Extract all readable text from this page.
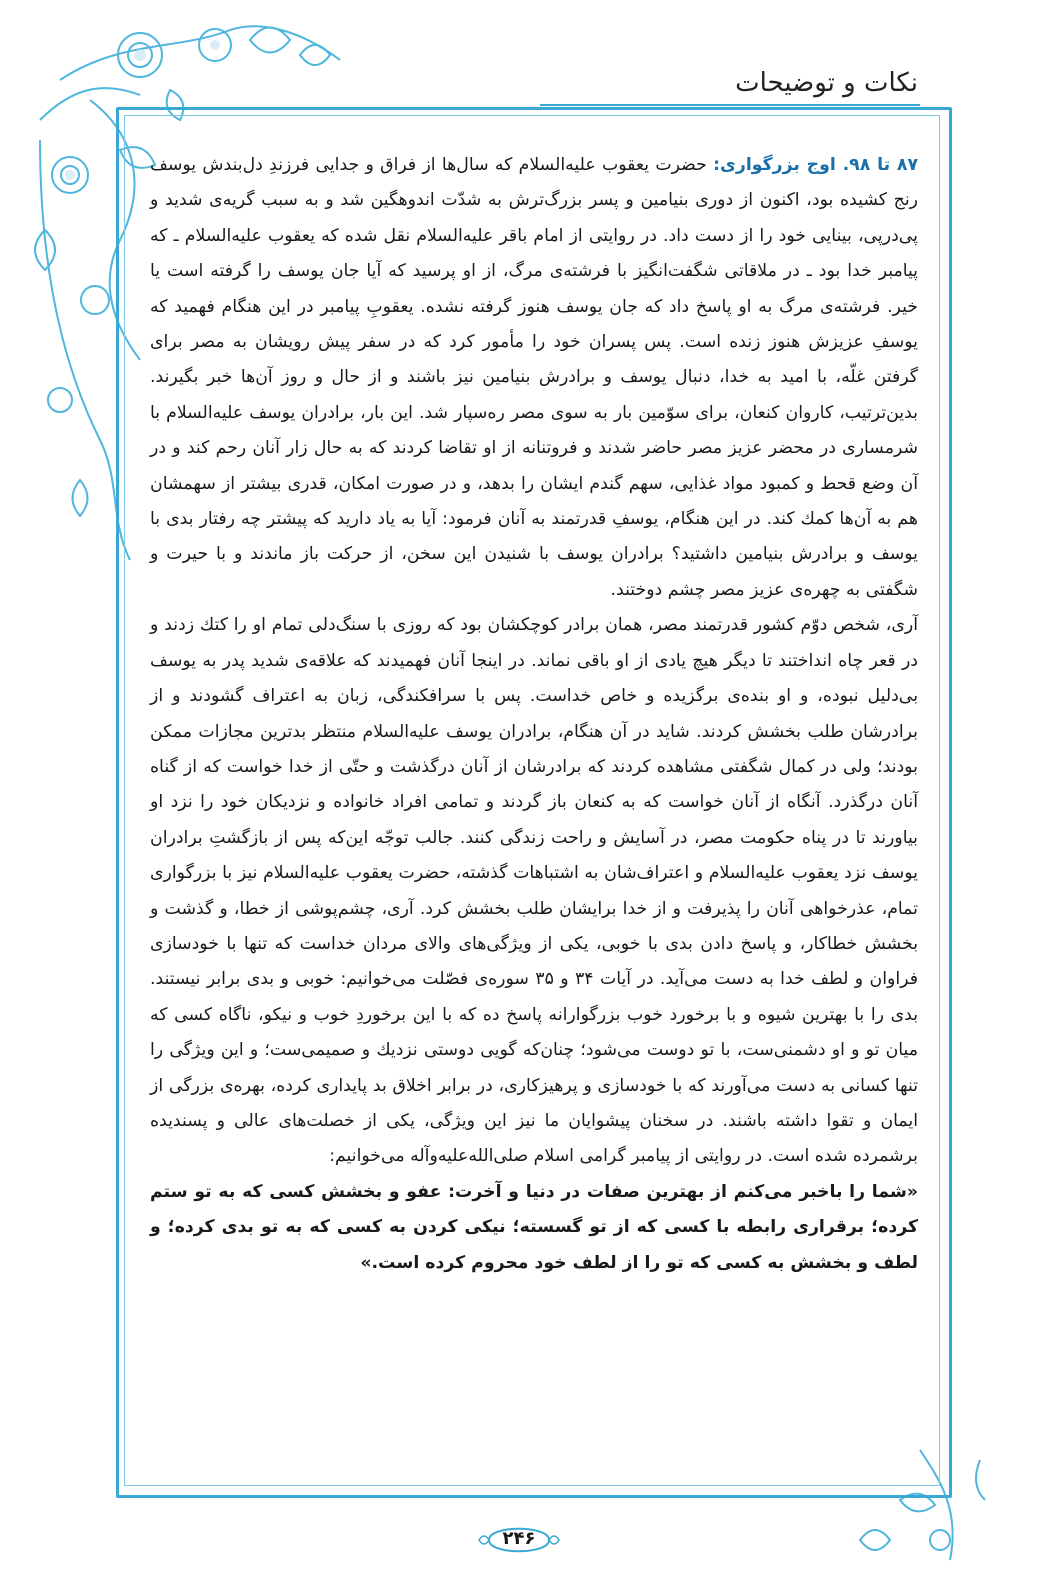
نکات و توضیحات

۸۷ تا ۹۸. اوج بزرگواری: حضرت یعقوب علیه‌السلام که سال‌ها از فراق و جدایی فرزندِ دل‌بندش یوسف رنج کشیده بود، اکنون از دوری بنیامین و پسر بزرگ‌ترش به شدّت اندوهگین شد و به سبب گریه‌ی شدید و پی‌درپی، بینایی خود را از دست داد. در روایتی از امام باقر علیه‌السلام نقل شده که یعقوب علیه‌السلام ـ که پیامبر خدا بود ـ در ملاقاتی شگفت‌انگیز با فرشته‌ی مرگ، از او پرسید که آیا جان یوسف را گرفته است یا خیر. فرشته‌ی مرگ به او پاسخ داد که جان یوسف هنوز گرفته نشده. یعقوبِ پیامبر در این هنگام فهمید که یوسفِ عزیزش هنوز زنده است. پس پسران خود را مأمور کرد که در سفر پیش رویشان به مصر برای گرفتن غلّه، با امید به خدا، دنبال یوسف و برادرش بنیامین نیز باشند و از حال و روز آن‌ها خبر بگیرند. بدین‌ترتیب، کاروان کنعان، برای سوّمین بار به سوی مصر ره‌سپار شد. این بار، برادران یوسف علیه‌السلام با شرمساری در محضر عزیز مصر حاضر شدند و فروتنانه از او تقاضا کردند که به حال زار آنان رحم کند و در آن وضع قحط و کمبود مواد غذایی، سهم گندم ایشان را بدهد، و در صورت امکان، قدری بیشتر از سهمشان هم به آن‌ها کمك کند. در این هنگام، یوسفِ قدرتمند به آنان فرمود: آیا به یاد دارید که پیشتر چه رفتار بدی با یوسف و برادرش بنیامین داشتید؟ برادران یوسف با شنیدن این سخن، از حرکت باز ماندند و با حیرت و شگفتی به چهره‌ی عزیز مصر چشم دوختند.

آری، شخص دوّم کشور قدرتمند مصر، همان برادر کوچکشان بود که روزی با سنگ‌دلی تمام او را کتك زدند و در قعر چاه انداختند تا دیگر هیچ یادی از او باقی نماند. در اینجا آنان فهمیدند که علاقه‌ی شدید پدر به یوسف بی‌دلیل نبوده، و او بنده‌ی برگزیده و خاص خداست. پس با سرافکندگی، زبان به اعتراف گشودند و از برادرشان طلب بخشش کردند. شاید در آن هنگام، برادران یوسف علیه‌السلام منتظر بدترین مجازات ممکن بودند؛ ولی در کمال شگفتی مشاهده کردند که برادرشان از آنان درگذشت و حتّی از خدا خواست که از گناه آنان درگذرد. آنگاه از آنان خواست که به کنعان باز گردند و تمامی افراد خانواده و نزدیکان خود را نزد او بیاورند تا در پناه حکومت مصر، در آسایش و راحت زندگی کنند. جالب توجّه این‌که پس از بازگشتِ برادران یوسف نزد یعقوب علیه‌السلام و اعتراف‌شان به اشتباهات گذشته، حضرت یعقوب علیه‌السلام نیز با بزرگواری تمام، عذرخواهی آنان را پذیرفت و از خدا برایشان طلب بخشش کرد. آری، چشم‌پوشی از خطا، و گذشت و بخشش خطاکار، و پاسخ دادن بدی با خوبی، یکی از ویژگی‌های والای مردان خداست که تنها با خودسازی فراوان و لطف خدا به دست می‌آید. در آیات ۳۴ و ۳۵ سوره‌ی فصّلت می‌خوانیم: خوبی و بدی برابر نیستند. بدی را با بهترین شیوه و با برخورد خوب بزرگوارانه پاسخ ده که با این برخوردِ خوب و نیکو، ناگاه کسی که میان تو و او دشمنی‌ست، با تو دوست می‌شود؛ چنان‌که گویی دوستی نزدیك و صمیمی‌ست؛ و این ویژگی را تنها کسانی به دست می‌آورند که با خودسازی و پرهیزکاری، در برابر اخلاق بد پایداری کرده، بهره‌ی بزرگی از ایمان و تقوا داشته باشند. در سخنان پیشوایان ما نیز این ویژگی، یکی از خصلت‌های عالی و پسندیده برشمرده شده است. در روایتی از پیامبر گرامی اسلام صلی‌الله‌علیه‌وآله می‌خوانیم:

«شما را باخبر می‌کنم از بهترین صفات در دنیا و آخرت: عفو و بخشش کسی که به تو ستم کرده؛ برقراری رابطه با کسی که از تو گسسته؛ نیکی کردن به کسی که به تو بدی کرده؛ و لطف و بخشش به کسی که تو را از لطف خود محروم کرده است.»

۲۴۶
